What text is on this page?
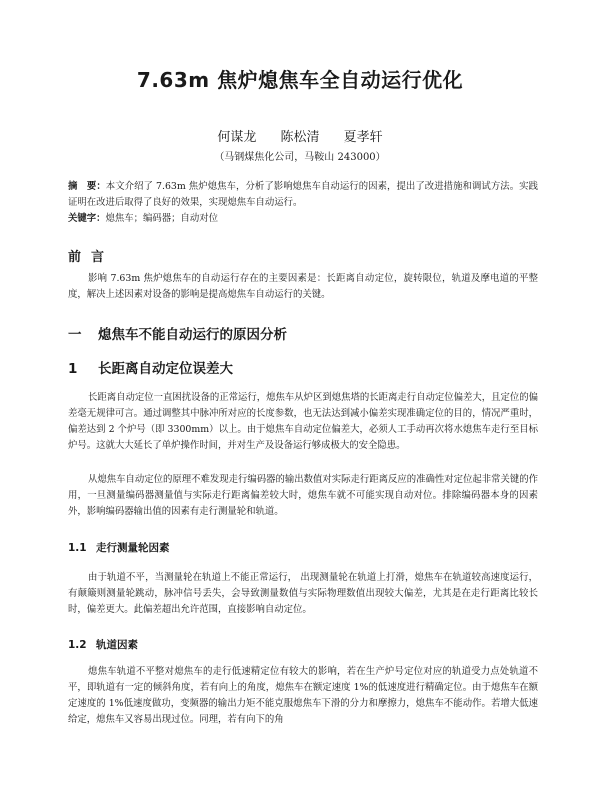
7.63m 焦炉熄焦车全自动运行优化
何谋龙 陈松清 夏孝轩
（马钢煤焦化公司，马鞍山 243000）
摘　要：本文介绍了 7.63m 焦炉熄焦车，分析了影响熄焦车自动运行的因素，提出了改进措施和调试方法。实践证明在改进后取得了良好的效果，实现熄焦车自动运行。
关键字：熄焦车；编码器；自动对位
前言
影响 7.63m 焦炉熄焦车的自动运行存在的主要因素是：长距离自动定位，旋转限位，轨道及摩电道的平整度，解决上述因素对设备的影响是提高熄焦车自动运行的关键。
一 熄焦车不能自动运行的原因分析
1 长距离自动定位误差大
长距离自动定位一直困扰设备的正常运行，熄焦车从炉区到熄焦塔的长距离走行自动定位偏差大，且定位的偏差毫无规律可言。通过调整其中脉冲所对应的长度参数，也无法达到减小偏差实现准确定位的目的，情况严重时，偏差达到 2 个炉号（即 3300mm）以上。由于熄焦车自动定位偏差大，必须人工手动再次将水熄焦车走行至目标炉号。这就大大延长了单炉操作时间，并对生产及设备运行够成极大的安全隐患。
从熄焦车自动定位的原理不难发现走行编码器的输出数值对实际走行距离反应的准确性对定位起非常关键的作用，一旦测量编码器测量值与实际走行距离偏差较大时，熄焦车就不可能实现自动对位。排除编码器本身的因素外，影响编码器输出值的因素有走行测量轮和轨道。
1.1 走行测量轮因素
由于轨道不平，当测量轮在轨道上不能正常运行， 出现测量轮在轨道上打滑，熄焦车在轨道较高速度运行，有颠簸则测量轮跳动，脉冲信号丢失，会导致测量数值与实际物理数值出现较大偏差，尤其是在走行距离比较长时，偏差更大。此偏差超出允许范围，直接影响自动定位。
1.2 轨道因素
熄焦车轨道不平整对熄焦车的走行低速精定位有较大的影响，若在生产炉号定位对应的轨道受力点处轨道不平，即轨道有一定的倾斜角度，若有向上的角度，熄焦车在额定速度 1%的低速度进行精确定位。由于熄焦车在额定速度的 1%低速度做功，变频器的输出力矩不能克服熄焦车下滑的分力和摩擦力，熄焦车不能动作。若增大低速给定，熄焦车又容易出现过位。同理，若有向下的角
